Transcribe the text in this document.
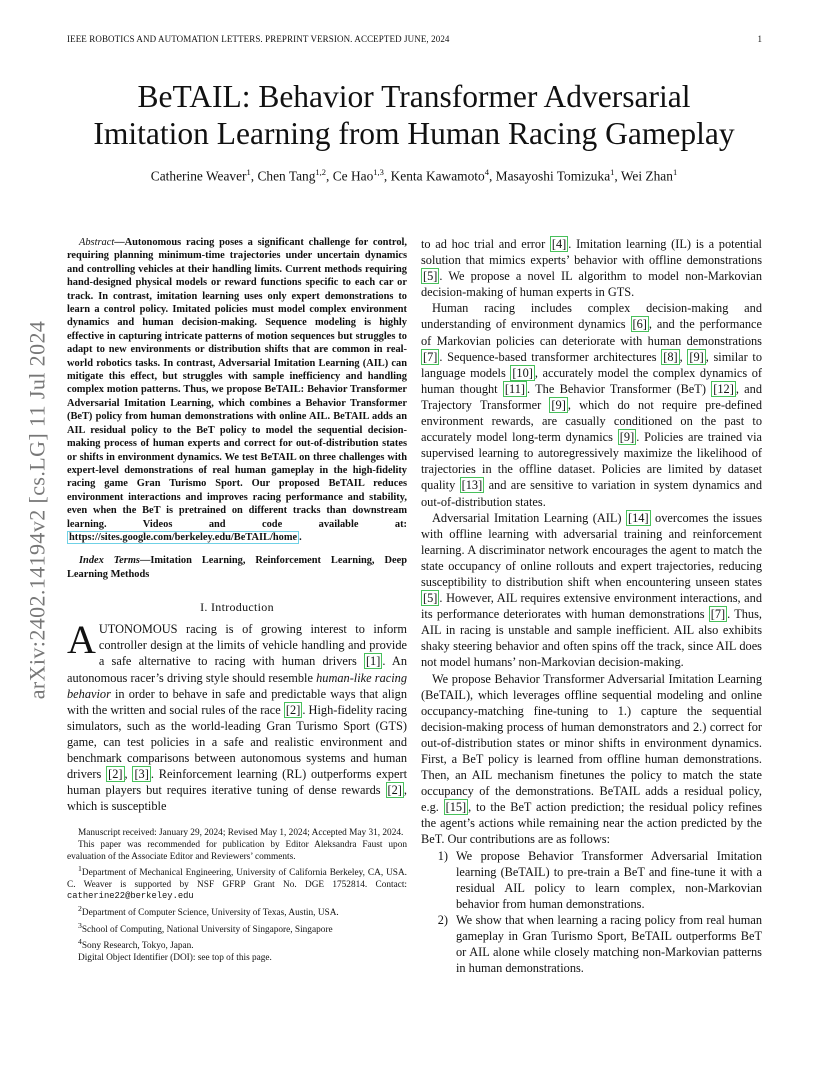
IEEE ROBOTICS AND AUTOMATION LETTERS. PREPRINT VERSION. ACCEPTED JUNE, 2024	1
arXiv:2402.14194v2 [cs.LG] 11 Jul 2024
BeTAIL: Behavior Transformer Adversarial
Imitation Learning from Human Racing Gameplay
Catherine Weaver$^1$, Chen Tang$^{1,2}$, Ce Hao$^{1,3}$, Kenta Kawamoto$^4$, Masayoshi Tomizuka$^1$, Wei Zhan$^1$

Abstract—Autonomous racing poses a significant challenge for control, requiring planning minimum-time trajectories under uncertain dynamics and controlling vehicles at their handling limits. Current methods requiring hand-designed physical models or reward functions specific to each car or track. In contrast, imitation learning uses only expert demonstrations to learn a control policy. Imitated policies must model complex environment dynamics and human decision-making. Sequence modeling is highly effective in capturing intricate patterns of motion sequences but struggles to adapt to new environments or distribution shifts that are common in real-world robotics tasks. In contrast, Adversarial Imitation Learning (AIL) can mitigate this effect, but struggles with sample inefficiency and handling complex motion patterns. Thus, we propose BeTAIL: Behavior Transformer Adversarial Imitation Learning, which combines a Behavior Transformer (BeT) policy from human demonstrations with online AIL. BeTAIL adds an AIL residual policy to the BeT policy to model the sequential decision-making process of human experts and correct for out-of-distribution states or shifts in environment dynamics. We test BeTAIL on three challenges with expert-level demonstrations of real human gameplay in the high-fidelity racing game Gran Turismo Sport. Our proposed BeTAIL reduces environment interactions and improves racing performance and stability, even when the BeT is pretrained on different tracks than downstream learning. Videos and code available at: https://sites.google.com/berkeley.edu/BeTAIL/home .

Index Terms—Imitation Learning, Reinforcement Learning, Deep Learning Methods

I. Introduction

AUTONOMOUS racing is of growing interest to inform controller design at the limits of vehicle handling and provide a safe alternative to racing with human drivers [1] . An autonomous racer’s driving style should resemble human-like racing behavior in order to behave in safe and predictable ways that align with the written and social rules of the race [2] . High-fidelity racing simulators, such as the world-leading Gran Turismo Sport (GTS) game, can test policies in a safe and realistic environment and benchmark comparisons between autonomous systems and human drivers [2] , [3] . Reinforcement learning (RL) outperforms expert human players but requires iterative tuning of dense rewards [2] , which is susceptible

Manuscript received: January 29, 2024; Revised May 1, 2024; Accepted May 31, 2024.

This paper was recommended for publication by Editor Aleksandra Faust upon evaluation of the Associate Editor and Reviewers’ comments.

$^1$Department of Mechanical Engineering, University of California Berkeley, CA, USA. C. Weaver is supported by NSF GFRP Grant No. DGE 1752814. Contact: catherine22@berkeley.edu

$^2$Department of Computer Science, University of Texas, Austin, USA.

$^3$School of Computing, National University of Singapore, Singapore

$^4$Sony Research, Tokyo, Japan.

Digital Object Identifier (DOI): see top of this page.

to ad hoc trial and error [4] . Imitation learning (IL) is a potential solution that mimics experts’ behavior with offline demonstrations [5] . We propose a novel IL algorithm to model non-Markovian decision-making of human experts in GTS.

Human racing includes complex decision-making and understanding of environment dynamics [6] , and the performance of Markovian policies can deteriorate with human demonstrations [7] . Sequence-based transformer architectures [8] , [9] , similar to language models [10] , accurately model the complex dynamics of human thought [11] . The Behavior Transformer (BeT) [12] , and Trajectory Transformer [9] , which do not require pre-defined environment rewards, are casually conditioned on the past to accurately model long-term dynamics [9] . Policies are trained via supervised learning to autoregressively maximize the likelihood of trajectories in the offline dataset. Policies are limited by dataset quality [13] and are sensitive to variation in system dynamics and out-of-distribution states.

Adversarial Imitation Learning (AIL) [14] overcomes the issues with offline learning with adversarial training and reinforcement learning. A discriminator network encourages the agent to match the state occupancy of online rollouts and expert trajectories, reducing susceptibility to distribution shift when encountering unseen states [5] . However, AIL requires extensive environment interactions, and its performance deteriorates with human demonstrations [7] . Thus, AIL in racing is unstable and sample inefficient. AIL also exhibits shaky steering behavior and often spins off the track, since AIL does not model humans’ non-Markovian decision-making.

We propose Behavior Transformer Adversarial Imitation Learning (BeTAIL), which leverages offline sequential modeling and online occupancy-matching fine-tuning to 1.) capture the sequential decision-making process of human demonstrators and 2.) correct for out-of-distribution states or minor shifts in environment dynamics. First, a BeT policy is learned from offline human demonstrations. Then, an AIL mechanism finetunes the policy to match the state occupancy of the demonstrations. BeTAIL adds a residual policy, e.g. [15] , to the BeT action prediction; the residual policy refines the agent’s actions while remaining near the action predicted by the BeT. Our contributions are as follows:

1) We propose Behavior Transformer Adversarial Imitation learning (BeTAIL) to pre-train a BeT and fine-tune it with a residual AIL policy to learn complex, non-Markovian behavior from human demonstrations.
2) We show that when learning a racing policy from real human gameplay in Gran Turismo Sport, BeTAIL outperforms BeT or AIL alone while closely matching non-Markovian patterns in human demonstrations.
